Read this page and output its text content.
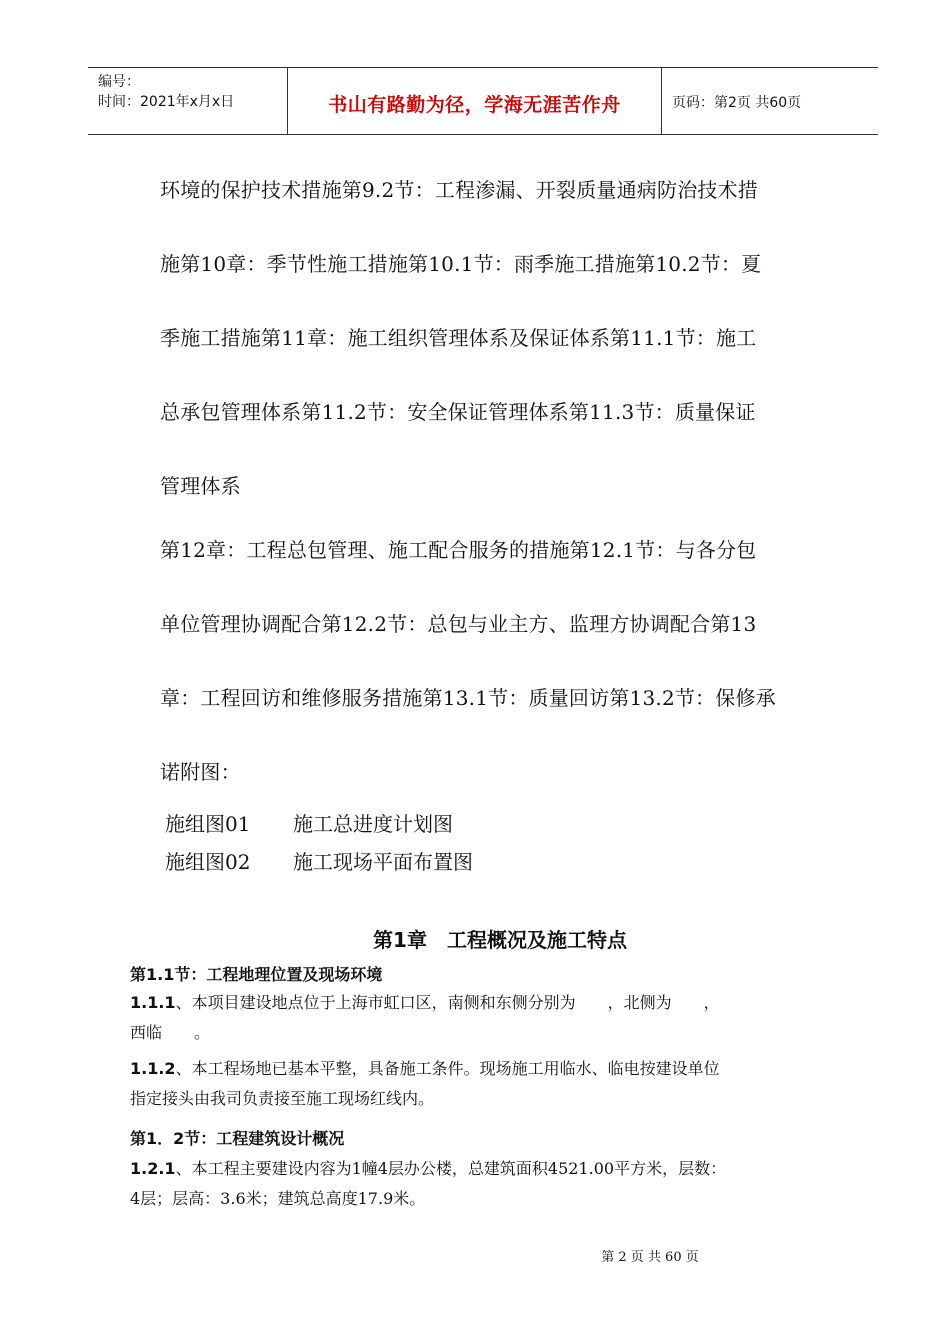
编号：
时间：2021年x月x日	书山有路勤为径，学海无涯苦作舟	页码：第2页 共60页
环境的保护技术措施第9.2节：工程渗漏、开裂质量通病防治技术措
施第10章：季节性施工措施第10.1节：雨季施工措施第10.2节：夏
季施工措施第11章：施工组织管理体系及保证体系第11.1节：施工
总承包管理体系第11.2节：安全保证管理体系第11.3节：质量保证
管理体系
第12章：工程总包管理、施工配合服务的措施第12.1节：与各分包
单位管理协调配合第12.2节：总包与业主方、监理方协调配合第13
章：工程回访和维修服务措施第13.1节：质量回访第13.2节：保修承
诺附图：
施组图01 施工总进度计划图
施组图02 施工现场平面布置图
第1章　工程概况及施工特点
第1.1节：工程地理位置及现场环境
1.1.1、本项目建设地点位于上海市虹口区，南侧和东侧分别为　　，北侧为　　，
西临　　。
1.1.2、本工程场地已基本平整，具备施工条件。现场施工用临水、临电按建设单位
指定接头由我司负责接至施工现场红线内。
第1．2节：工程建筑设计概况
1.2.1、本工程主要建设内容为1幢4层办公楼，总建筑面积4521.00平方米，层数：
4层；层高：3.6米；建筑总高度17.9米。
第 2 页 共 60 页
